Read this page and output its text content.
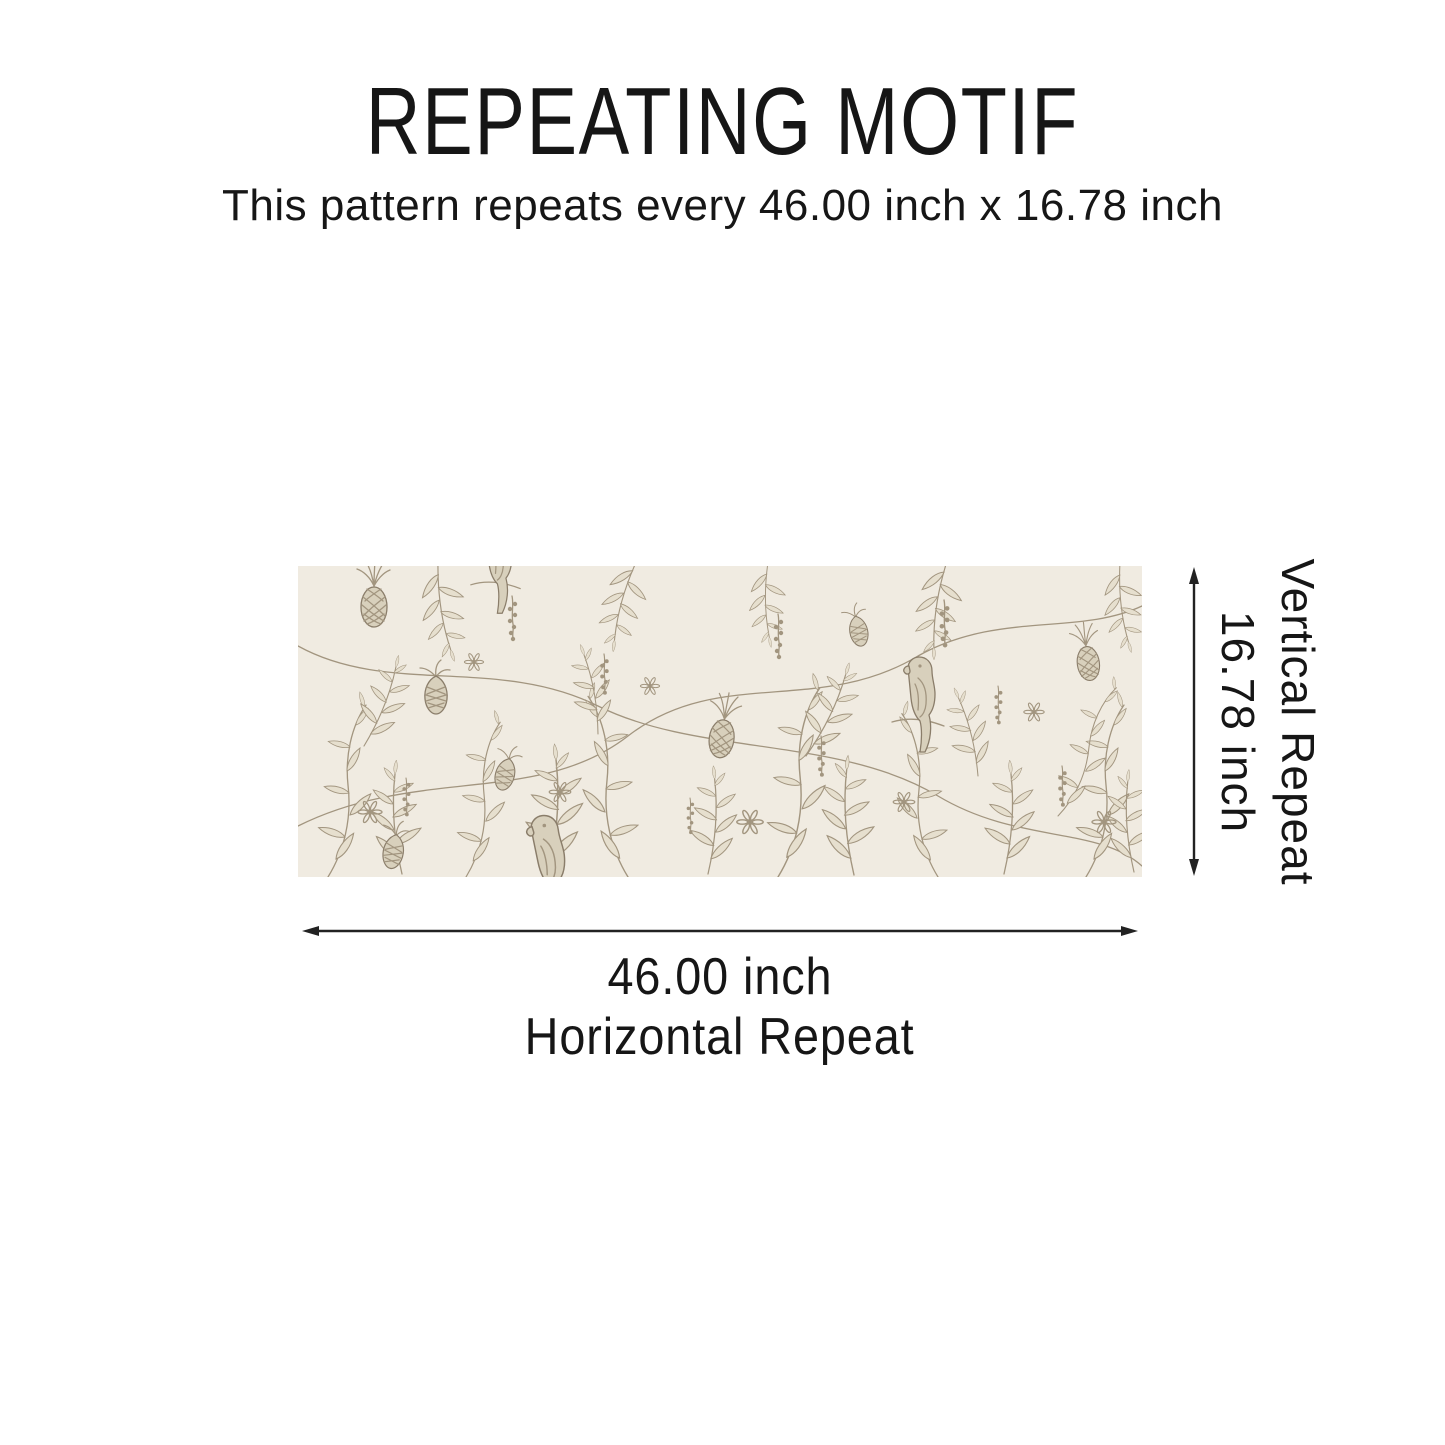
REPEATING MOTIF
This pattern repeats every 46.00 inch x 16.78 inch
46.00 inch
Horizontal Repeat
Vertical Repeat
16.78 inch
